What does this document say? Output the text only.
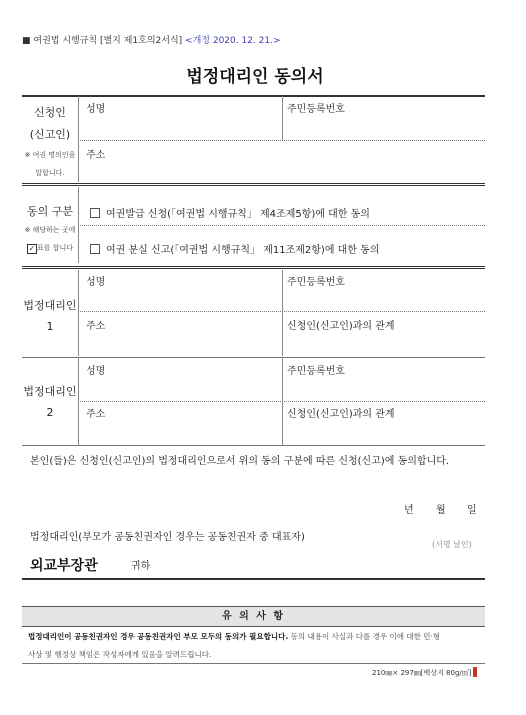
■ 여권법 시행규칙 [별지 제1호의2서식] <개정 2020. 12. 21.>
법정대리인 동의서
신청인
(신고인)
※ 여권 명의인을
말합니다.
성명	주민등록번호
주소
동의 구분
※ 해당하는 곳에
✓ 표를 합니다
여권발급 신청(「여권법 시행규칙」 제4조제5항)에 대한 동의
여권 분실 신고(「여권법 시행규칙」 제11조제2항)에 대한 동의
법정대리인
1
성명	주민등록번호
주소	신청인(신고인)과의 관계
법정대리인
2
성명	주민등록번호
주소	신청인(신고인)과의 관계
본인(들)은 신청인(신고인)의 법정대리인으로서 위의 동의 구분에 따른 신청(신고)에 동의합니다.
년 월 일
법정대리인(부모가 공동친권자인 경우는 공동친권자 중 대표자)
(서명 날인)
외교부장관	귀하
유 의 사 항
법정대리인이 공동친권자인 경우 공동친권자인 부모 모두의 동의가 필요합니다. 동의 내용이 사실과 다를 경우 이에 대한 민·형
사상 및 행정상 책임은 작성자에게 있음을 알려드립니다.
210㎜× 297㎜[백상지 80g/㎡]
